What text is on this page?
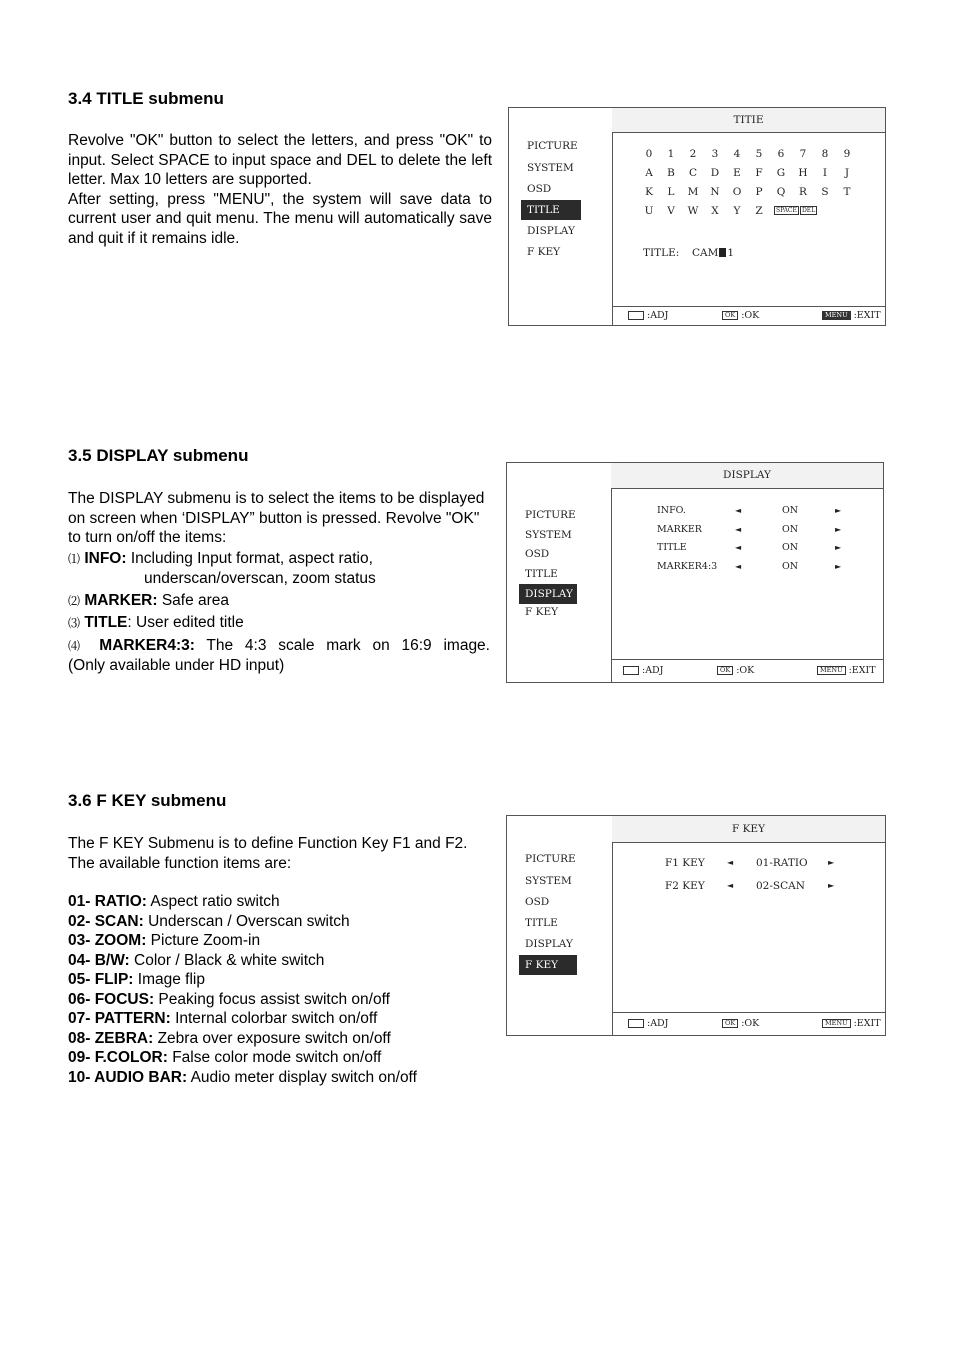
3.4 TITLE submenu

Revolve "OK" button to select the letters, and press "OK" to input. Select SPACE to input space and DEL to delete the left letter. Max 10 letters are supported.

After setting, press "MENU", the system will save data to current user and quit menu. The menu will automatically save and quit if it remains idle.

PICTURE
SYSTEM
OSD
TITLE
DISPLAY
F KEY
TITIE
0 1 2 3 4 5 6 7 8 9
A B C D E F G H	I	J
K L M N O P Q R S T
U V W X Y Z	SPACE DEL
TITLE: CAM 1
:ADJ	OK :OK	MENU :EXIT
3.5 DISPLAY submenu

The DISPLAY submenu is to select the items to be displayed on screen when ‘DISPLAY” button is pressed. Revolve "OK" to turn on/off the items:

⑴ INFO: Including Input format, aspect ratio,

underscan/overscan, zoom status

⑵ MARKER: Safe area

⑶ TITLE: User edited title

⑷ MARKER4:3: The 4:3 scale mark on 16:9 image.

(Only available under HD input)

PICTURE
SYSTEM
OSD
TITLE
DISPLAY
F KEY
DISPLAY
INFO.	◄	ON	►
MARKER	◄	ON	►
TITLE	◄	ON	►
MARKER4:3 ◄	ON	►
:ADJ	OK :OK	MENU :EXIT
3.6 F KEY submenu

The F KEY Submenu is to define Function Key F1 and F2. The available function items are:

01- RATIO: Aspect ratio switch
02- SCAN: Underscan / Overscan switch
03- ZOOM: Picture Zoom-in
04- B/W: Color / Black & white switch
05- FLIP: Image flip
06- FOCUS: Peaking focus assist switch on/off
07- PATTERN: Internal colorbar switch on/off
08- ZEBRA: Zebra over exposure switch on/off
09- F.COLOR: False color mode switch on/off
10- AUDIO BAR: Audio meter display switch on/off
PICTURE
SYSTEM
OSD
TITLE
DISPLAY
F KEY
F KEY
F1 KEY	◄ 01-RATIO	►
F2 KEY	◄ 02-SCAN	►
:ADJ	OK :OK	MENU :EXIT
